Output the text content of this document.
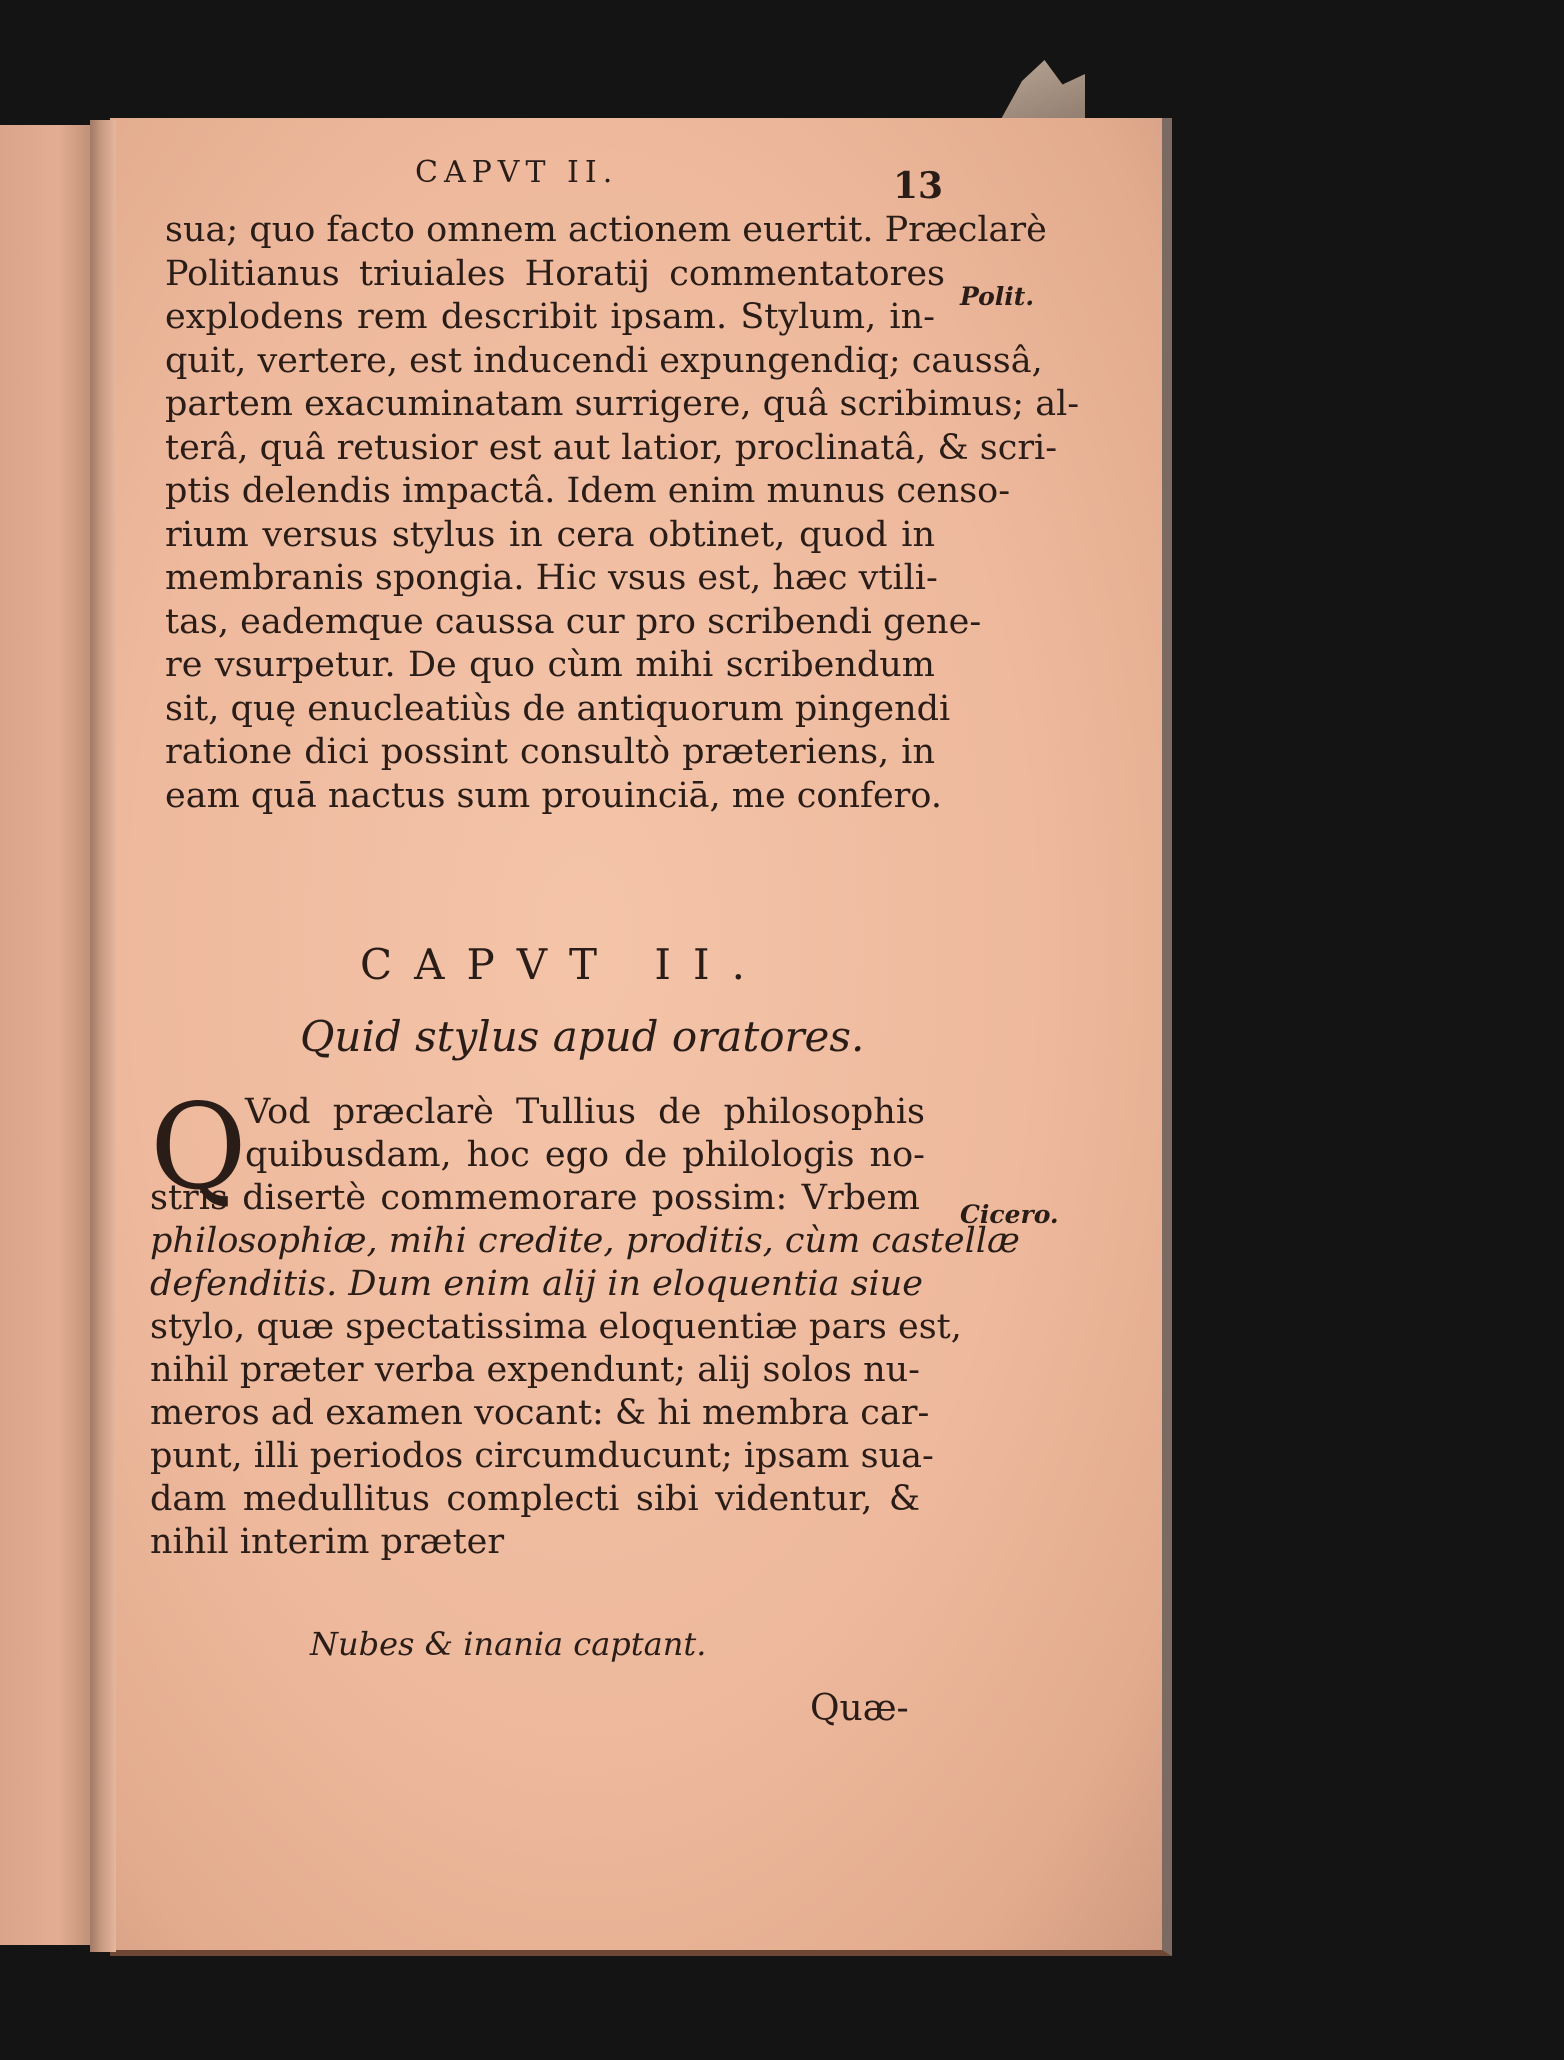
CAPVT II.	13
sua; quo facto omnem actionem euertit. Præclarè
Politianus triuiales Horatij commentatores
explodens rem describit ipsam. Stylum, in-
quit, vertere, est inducendi expungendiq; caussâ,
partem exacuminatam surrigere, quâ scribimus; al-
terâ, quâ retusior est aut latior, proclinatâ, & scri-
ptis delendis impactâ. Idem enim munus censo-
rium versus stylus in cera obtinet, quod in
membranis spongia. Hic vsus est, hæc vtili-
tas, eademque caussa cur pro scribendi gene-
re vsurpetur. De quo cùm mihi scribendum
sit, quę enucleatiùs de antiquorum pingendi
ratione dici possint consultò præteriens, in
eam quā nactus sum prouinciā, me confero.
Polit.
Cicero.
CAPVT II.
Quid stylus apud oratores.
Q
Vod præclarè Tullius de philosophis
quibusdam, hoc ego de philologis no-
stris disertè commemorare possim: Vrbem
philosophiæ, mihi credite, proditis, cùm castellæ
defenditis. Dum enim alij in eloquentia siue
stylo, quæ spectatissima eloquentiæ pars est,
nihil præter verba expendunt; alij solos nu-
meros ad examen vocant: & hi membra car-
punt, illi periodos circumducunt; ipsam sua-
dam medullitus complecti sibi videntur, &
nihil interim præter
Nubes & inania captant.
Quæ-
